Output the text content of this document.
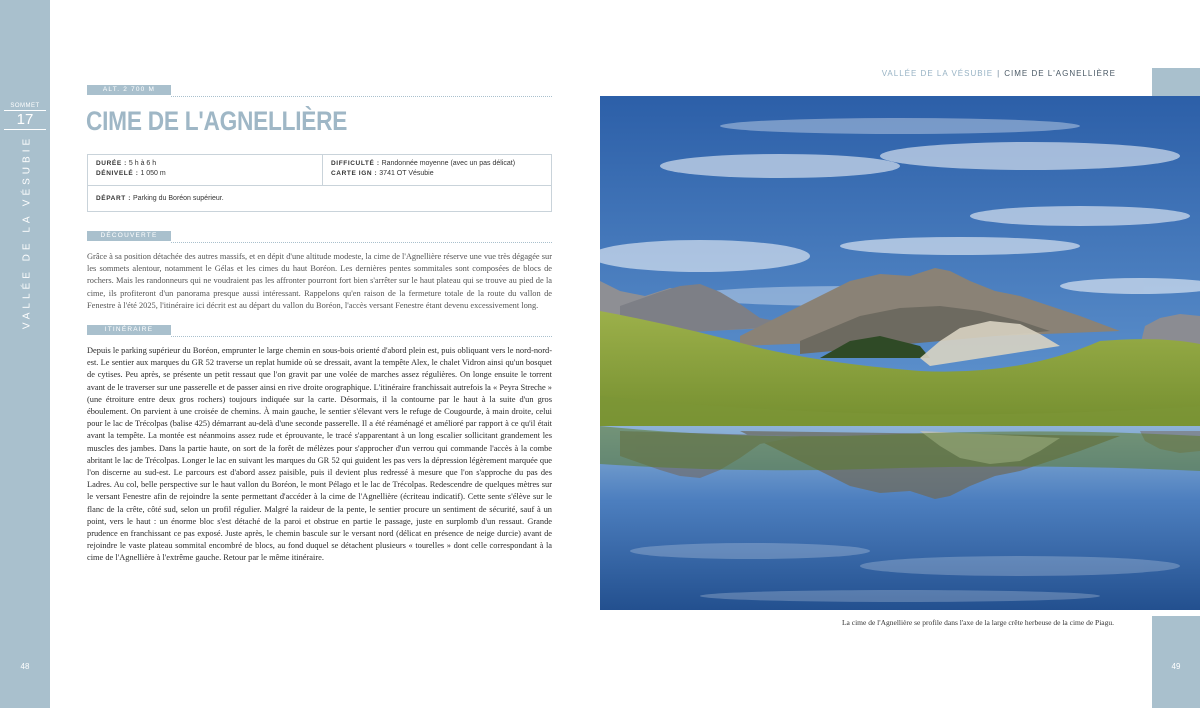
SOMMET
17
VALLÉE DE LA VÉSUBIE
48	49
VALLÉE DE LA VÉSUBIE | CIME DE L'AGNELLIÈRE
ALT. 2 700 M
CIME DE L'AGNELLIÈRE
DURÉE : 5 h à 6 h
DÉNIVELÉ : 1 050 m
DIFFICULTÉ : Randonnée moyenne (avec un pas délicat)
CARTE IGN : 3741 OT Vésubie
DÉPART : Parking du Boréon supérieur.
DÉCOUVERTE
Grâce à sa position détachée des autres massifs, et en dépit d'une altitude modeste, la cime de l'Agnellière réserve une vue très dégagée sur les sommets alentour, notamment le Gélas et les cimes du haut Boréon. Les dernières pentes sommitales sont composées de blocs de rochers. Mais les randonneurs qui ne voudraient pas les affronter pourront fort bien s'arrêter sur le haut plateau qui se trouve au pied de la cime, ils profiteront d'un panorama presque aussi intéressant. Rappelons qu'en raison de la fermeture totale de la route du vallon de Fenestre à l'été 2025, l'itinéraire ici décrit est au départ du vallon du Boréon, l'accès versant Fenestre étant devenu excessivement long.
ITINÉRAIRE
Depuis le parking supérieur du Boréon, emprunter le large chemin en sous-bois orienté d'abord plein est, puis obliquant vers le nord-nord-est. Le sentier aux marques du GR 52 traverse un replat humide où se dressait, avant la tempête Alex, le chalet Vidron ainsi qu'un bosquet de cytises. Peu après, se présente un petit ressaut que l'on gravit par une volée de marches assez régulières. On longe ensuite le torrent avant de le traverser sur une passerelle et de passer ainsi en rive droite orographique. L'itinéraire franchissait autrefois la « Peyra Streche » (une étroiture entre deux gros rochers) toujours indiquée sur la carte. Désormais, il la contourne par le haut à la suite d'un gros éboulement. On parvient à une croisée de chemins. À main gauche, le sentier s'élevant vers le refuge de Cougourde, à main droite, celui pour le lac de Trécolpas (balise 425) démarrant au-delà d'une seconde passerelle. Il a été réaménagé et amélioré par rapport à ce qu'il était avant la tempête. La montée est néanmoins assez rude et éprouvante, le tracé s'apparentant à un long escalier sollicitant grandement les muscles des jambes. Dans la partie haute, on sort de la forêt de mélèzes pour s'approcher d'un verrou qui commande l'accès à la combe abritant le lac de Trécolpas. Longer le lac en suivant les marques du GR 52 qui guident les pas vers la dépression légèrement marquée que l'on discerne au sud-est. Le parcours est d'abord assez paisible, puis il devient plus redressé à mesure que l'on s'approche du pas des Ladres. Au col, belle perspective sur le haut vallon du Boréon, le mont Pélago et le lac de Trécolpas. Redescendre de quelques mètres sur le versant Fenestre afin de rejoindre la sente permettant d'accéder à la cime de l'Agnellière (écriteau indicatif). Cette sente s'élève sur le flanc de la crête, côté sud, selon un profil régulier. Malgré la raideur de la pente, le sentier procure un sentiment de sécurité, sauf à un point, vers le haut : un énorme bloc s'est détaché de la paroi et obstrue en partie le passage, juste en surplomb d'un ressaut. Grande prudence en franchissant ce pas exposé. Juste après, le chemin bascule sur le versant nord (délicat en présence de neige durcie) avant de rejoindre le vaste plateau sommital encombré de blocs, au fond duquel se détachent plusieurs « tourelles » dont celle correspondant à la cime de l'Agnellière à l'extrême gauche. Retour par le même itinéraire.
La cime de l'Agnellière se profile dans l'axe de la large crête herbeuse de la cime de Piagu.
